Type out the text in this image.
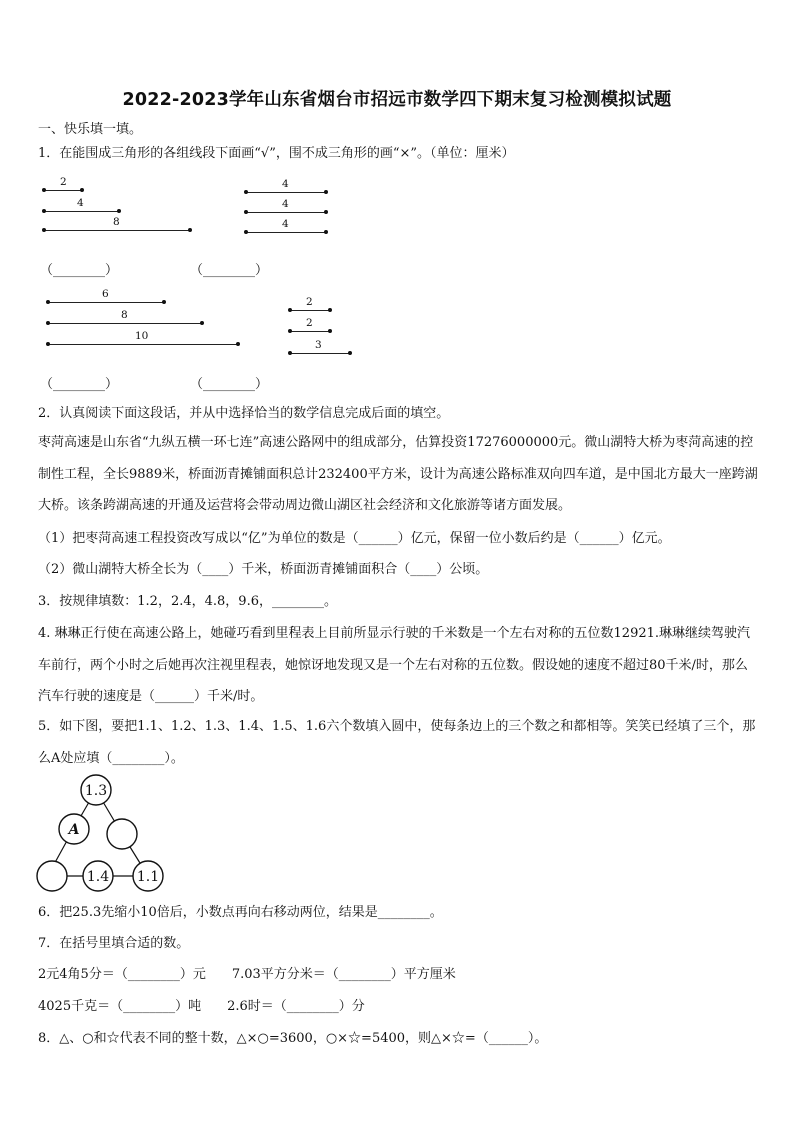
2022-2023学年山东省烟台市招远市数学四下期末复习检测模拟试题
一、快乐填一填。
1．在能围成三角形的各组线段下面画“√”，围不成三角形的画“×”。（单位：厘米）
2
4
8
4
4
4
（________）	（________）
6
8
10
2
2
3
（________）	（________）
2．认真阅读下面这段话，并从中选择恰当的数学信息完成后面的填空。
枣菏高速是山东省“九纵五横一环七连”高速公路网中的组成部分，估算投资17276000000元。微山湖特大桥为枣菏高速的控制性工程，全长9889米，桥面沥青摊铺面积总计232400平方米，设计为高速公路标准双向四车道，是中国北方最大一座跨湖大桥。该条跨湖高速的开通及运营将会带动周边微山湖区社会经济和文化旅游等诸方面发展。
（1）把枣菏高速工程投资改写成以“亿”为单位的数是（______）亿元，保留一位小数后约是（______）亿元。
（2）微山湖特大桥全长为（____）千米，桥面沥青摊铺面积合（____）公顷。
3．按规律填数：1.2，2.4，4.8，9.6，________。
4. 琳琳正行使在高速公路上，她碰巧看到里程表上目前所显示行驶的千米数是一个左右对称的五位数12921.琳琳继续驾驶汽车前行，两个小时之后她再次注视里程表，她惊讶地发现又是一个左右对称的五位数。假设她的速度不超过80千米/时，那么汽车行驶的速度是（______）千米/时。
5．如下图，要把1.1、1.2、1.3、1.4、1.5、1.6六个数填入圆中，使每条边上的三个数之和都相等。笑笑已经填了三个，那么A处应填（________）。
1.3
A
1.4 1.1
6．把25.3先缩小10倍后，小数点再向右移动两位，结果是________。
7．在括号里填合适的数。
2元4角5分＝（________）元　　7.03平方分米＝（________）平方厘米
4025千克＝（________）吨　　2.6时＝（________）分
8．△、○和☆代表不同的整十数，△×○=3600，○×☆=5400，则△×☆=（______）。
